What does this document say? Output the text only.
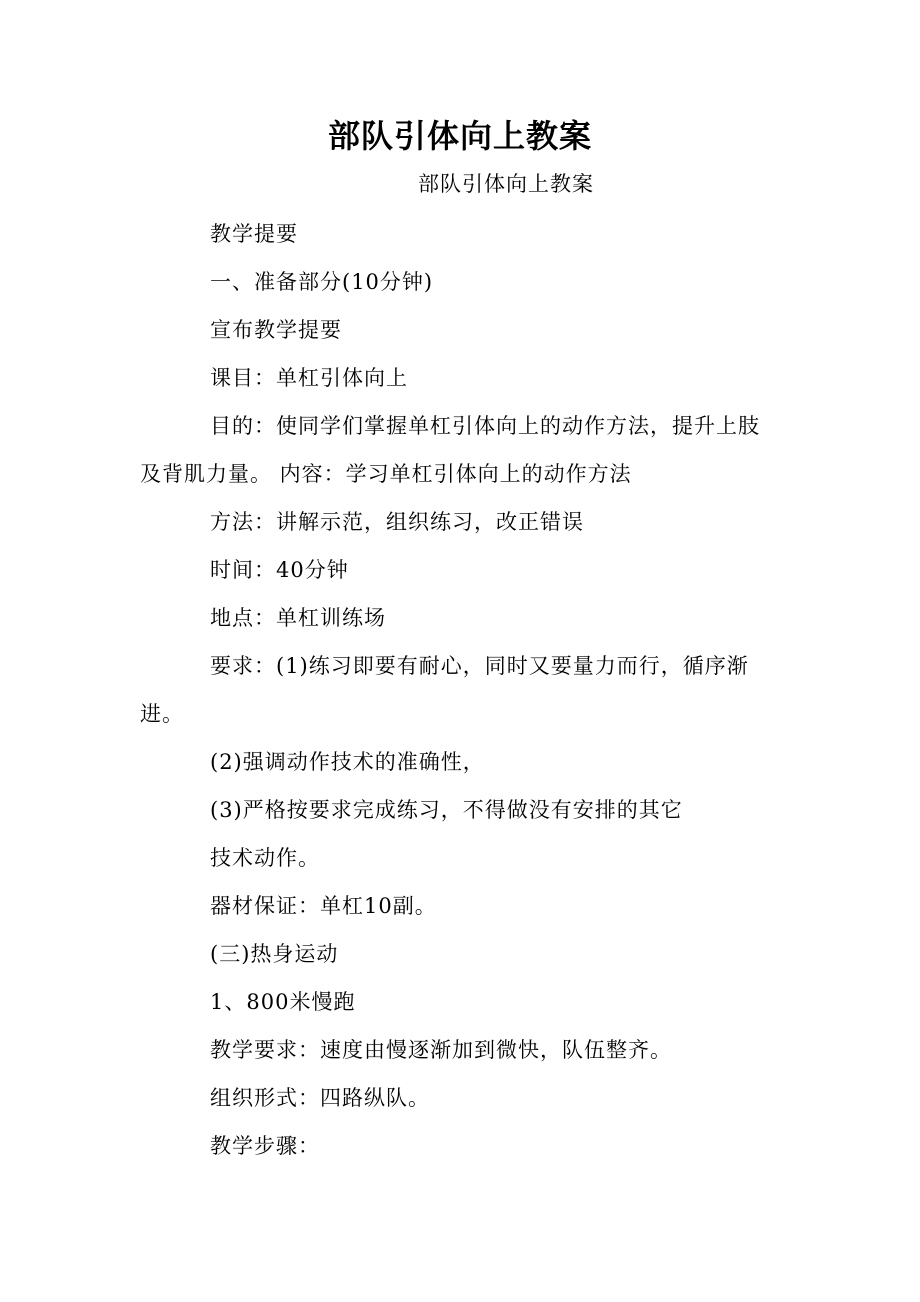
部队引体向上教案
部队引体向上教案
教学提要
一、准备部分(10分钟)
宣布教学提要
课目：单杠引体向上
目的：使同学们掌握单杠引体向上的动作方法，提升上肢
及背肌力量。 内容：学习单杠引体向上的动作方法
方法：讲解示范，组织练习，改正错误
时间：40分钟
地点：单杠训练场
要求：(1)练习即要有耐心，同时又要量力而行，循序渐
进。
(2)强调动作技术的准确性，
(3)严格按要求完成练习，不得做没有安排的其它
技术动作。
器材保证：单杠10副。
(三)热身运动
1、800米慢跑
教学要求：速度由慢逐渐加到微快，队伍整齐。
组织形式：四路纵队。
教学步骤：
